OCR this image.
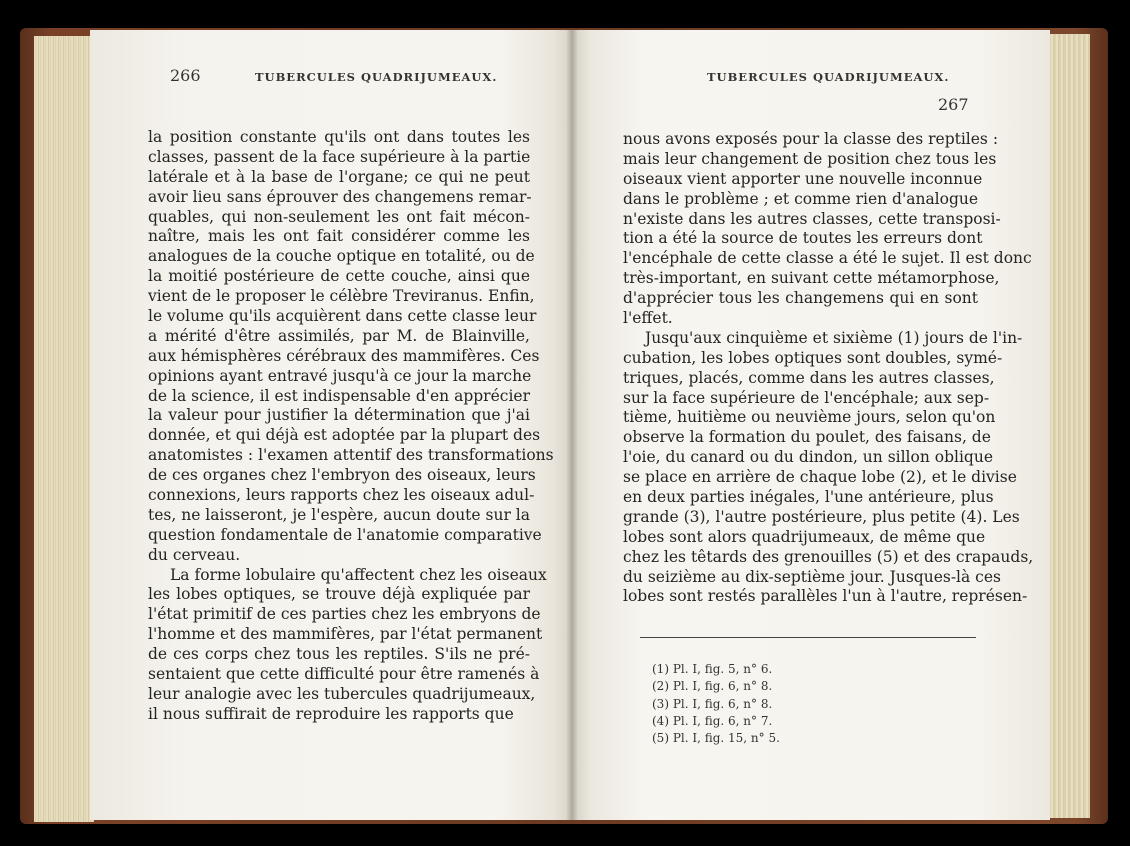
266	TUBERCULES QUADRIJUMEAUX.
la position constante qu'ils ont dans toutes les
classes, passent de la face supérieure à la partie
latérale et à la base de l'organe; ce qui ne peut
avoir lieu sans éprouver des changemens remar-
quables, qui non-seulement les ont fait mécon-
naître, mais les ont fait considérer comme les
analogues de la couche optique en totalité, ou de
la moitié postérieure de cette couche, ainsi que
vient de le proposer le célèbre Treviranus. Enfin,
le volume qu'ils acquièrent dans cette classe leur
a mérité d'être assimilés, par M. de Blainville,
aux hémisphères cérébraux des mammifères. Ces
opinions ayant entravé jusqu'à ce jour la marche
de la science, il est indispensable d'en apprécier
la valeur pour justifier la détermination que j'ai
donnée, et qui déjà est adoptée par la plupart des
anatomistes : l'examen attentif des transformations
de ces organes chez l'embryon des oiseaux, leurs
connexions, leurs rapports chez les oiseaux adul-
tes, ne laisseront, je l'espère, aucun doute sur la
question fondamentale de l'anatomie comparative
du cerveau.
La forme lobulaire qu'affectent chez les oiseaux
les lobes optiques, se trouve déjà expliquée par
l'état primitif de ces parties chez les embryons de
l'homme et des mammifères, par l'état permanent
de ces corps chez tous les reptiles. S'ils ne pré-
sentaient que cette difficulté pour être ramenés à
leur analogie avec les tubercules quadrijumeaux,
il nous suffirait de reproduire les rapports que
TUBERCULES QUADRIJUMEAUX.
267
nous avons exposés pour la classe des reptiles :
mais leur changement de position chez tous les
oiseaux vient apporter une nouvelle inconnue
dans le problème ; et comme rien d'analogue
n'existe dans les autres classes, cette transposi-
tion a été la source de toutes les erreurs dont
l'encéphale de cette classe a été le sujet. Il est donc
très-important, en suivant cette métamorphose,
d'apprécier tous les changemens qui en sont
l'effet.
Jusqu'aux cinquième et sixième (1) jours de l'in-
cubation, les lobes optiques sont doubles, symé-
triques, placés, comme dans les autres classes,
sur la face supérieure de l'encéphale; aux sep-
tième, huitième ou neuvième jours, selon qu'on
observe la formation du poulet, des faisans, de
l'oie, du canard ou du dindon, un sillon oblique
se place en arrière de chaque lobe (2), et le divise
en deux parties inégales, l'une antérieure, plus
grande (3), l'autre postérieure, plus petite (4). Les
lobes sont alors quadrijumeaux, de même que
chez les têtards des grenouilles (5) et des crapauds,
du seizième au dix-septième jour. Jusques-là ces
lobes sont restés parallèles l'un à l'autre, représen-
(1) Pl. I, fig. 5, n° 6.
(2) Pl. I, fig. 6, n° 8.
(3) Pl. I, fig. 6, n° 8.
(4) Pl. I, fig. 6, n° 7.
(5) Pl. I, fig. 15, n° 5.
